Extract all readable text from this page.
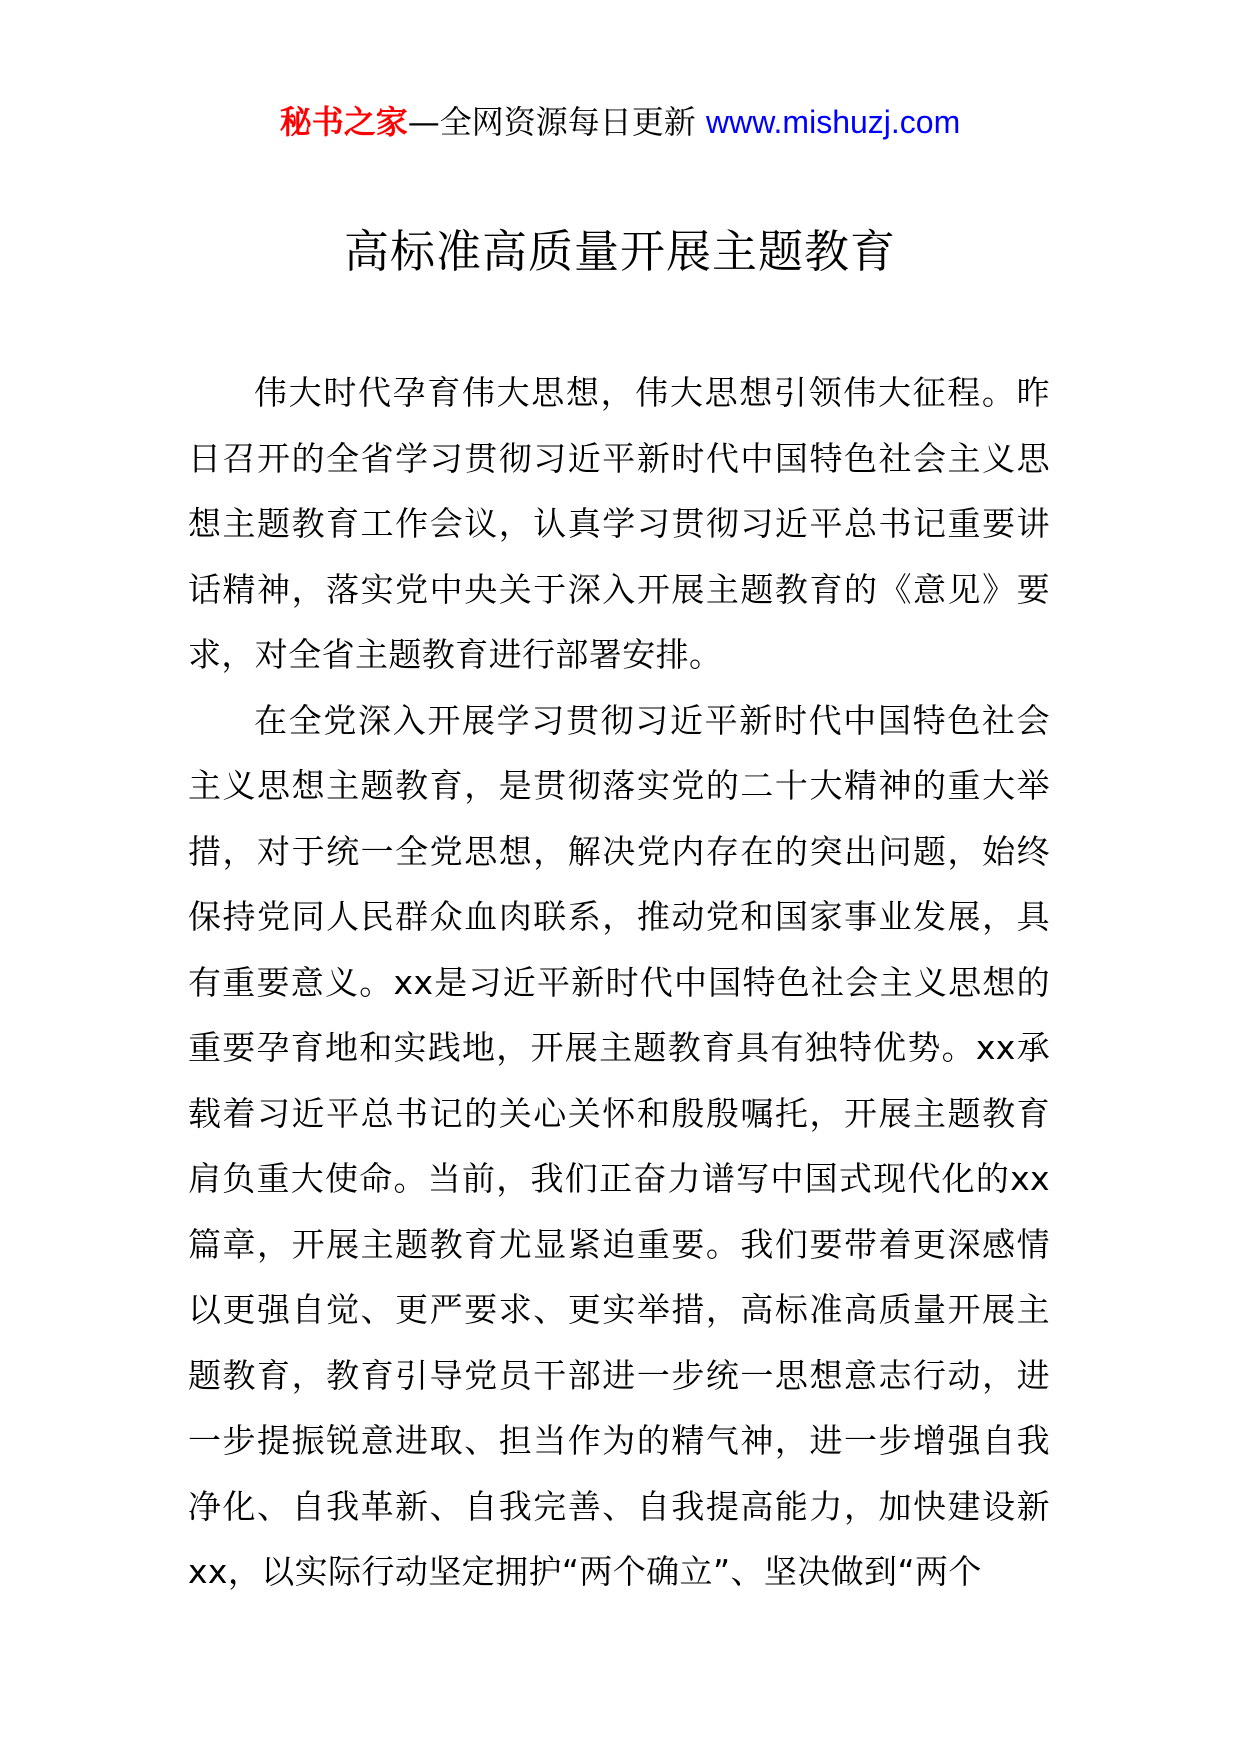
秘书之家—全网资源每日更新 www.mishuzj.com
高标准高质量开展主题教育

伟大时代孕育伟大思想，伟大思想引领伟大征程。昨日召开的全省学习贯彻习近平新时代中国特色社会主义思想主题教育工作会议，认真学习贯彻习近平总书记重要讲话精神，落实党中央关于深入开展主题教育的《意见》要求，对全省主题教育进行部署安排。

在全党深入开展学习贯彻习近平新时代中国特色社会主义思想主题教育，是贯彻落实党的二十大精神的重大举措，对于统一全党思想，解决党内存在的突出问题，始终保持党同人民群众血肉联系，推动党和国家事业发展，具有重要意义。xx是习近平新时代中国特色社会主义思想的重要孕育地和实践地，开展主题教育具有独特优势。xx承载着习近平总书记的关心关怀和殷殷嘱托，开展主题教育肩负重大使命。当前，我们正奋力谱写中国式现代化的xx篇章，开展主题教育尤显紧迫重要。我们要带着更深感情以更强自觉、更严要求、更实举措，高标准高质量开展主题教育，教育引导党员干部进一步统一思想意志行动，进一步提振锐意进取、担当作为的精气神，进一步增强自我净化、自我革新、自我完善、自我提高能力，加快建设新xx，以实际行动坚定拥护“两个确立”、坚决做到“两个
